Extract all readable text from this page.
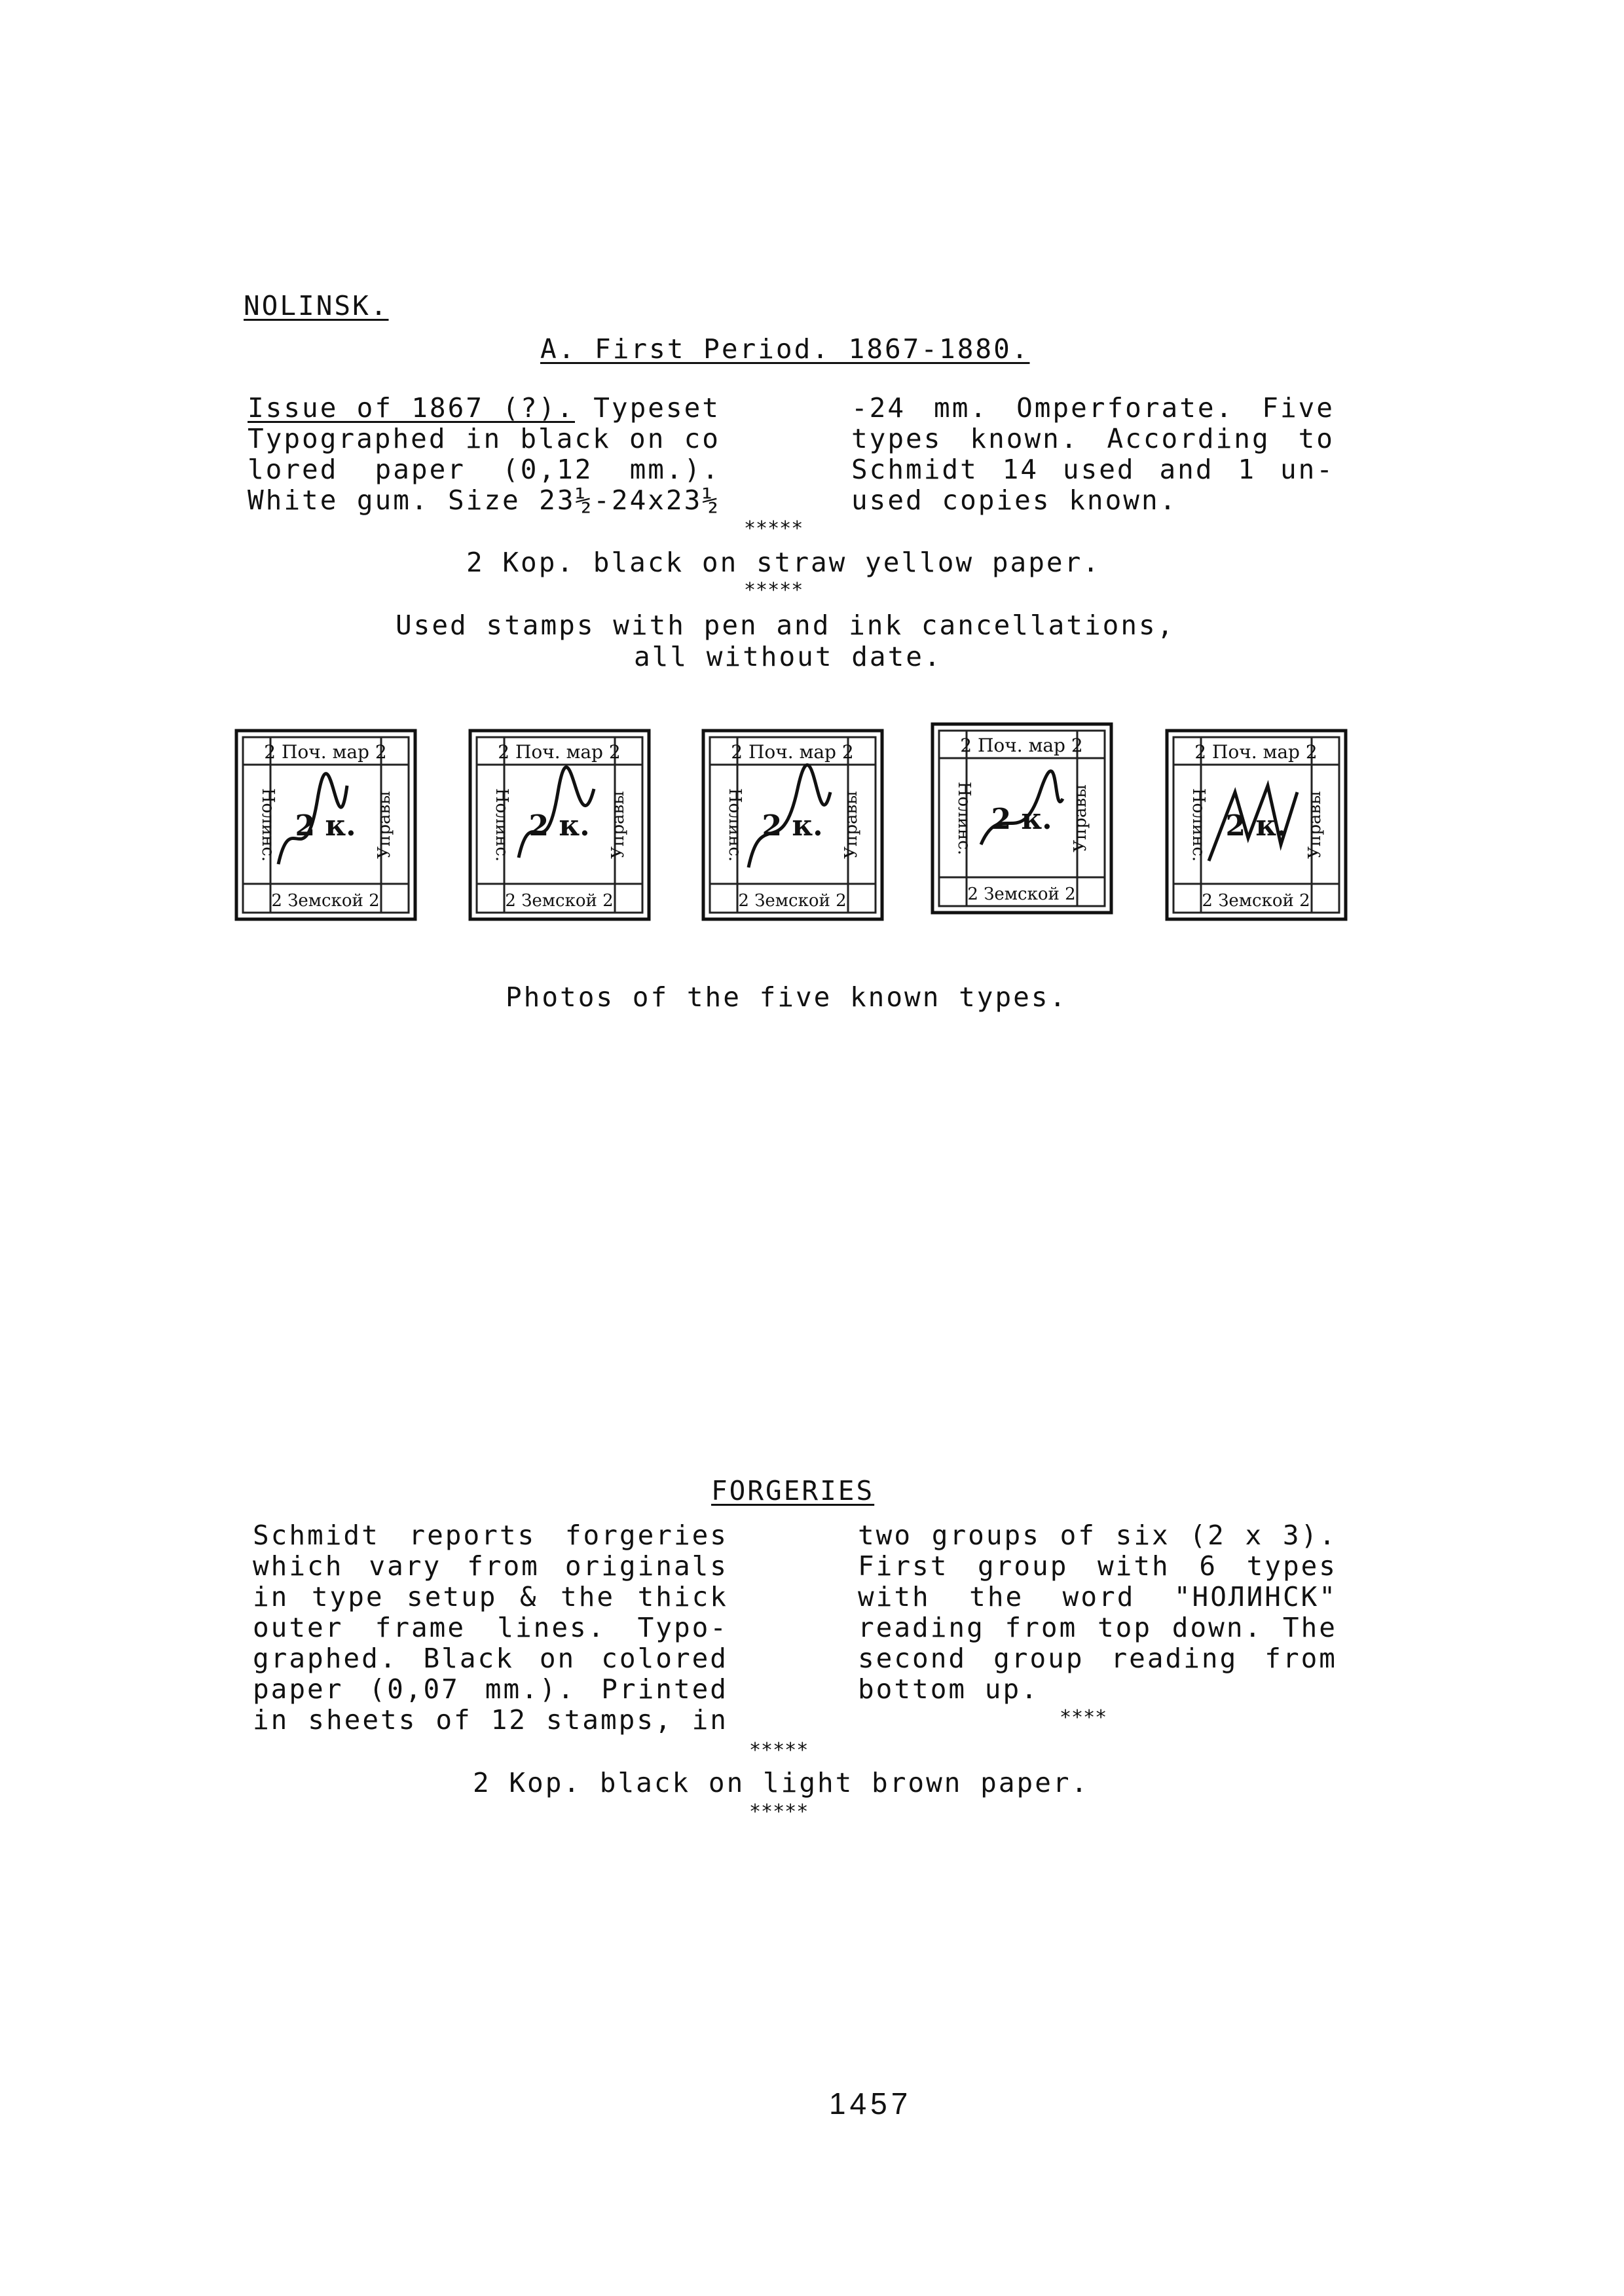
NOLINSK.
A. First Period. 1867-1880.

Issue of 1867 (?). Typeset

Typographed in black on co

lored paper (0,12 mm.).

White gum. Size 23½-24x23½

-24 mm. Omperforate. Five

types known. According to

Schmidt 14 used and 1 un-

used copies known.

*****
2 Kop. black on straw yellow paper.
*****
Used stamps with pen and ink cancellations,
all without date.
2 Поч. мар 2
2 Земской 2
Нолинс.	Управы
2 к.
2 Поч. мар 2
2 Земской 2
Нолинс.	Управы
2 к.
2 Поч. мар 2
2 Земской 2
Нолинс.	Управы
2 к.
2 Поч. мар 2
2 Земской 2
Нолинс.	Управы
2 к.
2 Поч. мар 2
2 Земской 2
Нолинс.	Управы
2 к.
Photos of the five known types.
FORGERIES

Schmidt reports forgeries

which vary from originals

in type setup & the thick

outer frame lines. Typo-

graphed. Black on colored

paper (0,07 mm.). Printed

in sheets of 12 stamps, in

two groups of six (2 x 3).

First group with 6 types

with the word "НОЛИНСК"

reading from top down. The

second group reading from

bottom up.

****
*****
2 Kop. black on light brown paper.
*****
1457
